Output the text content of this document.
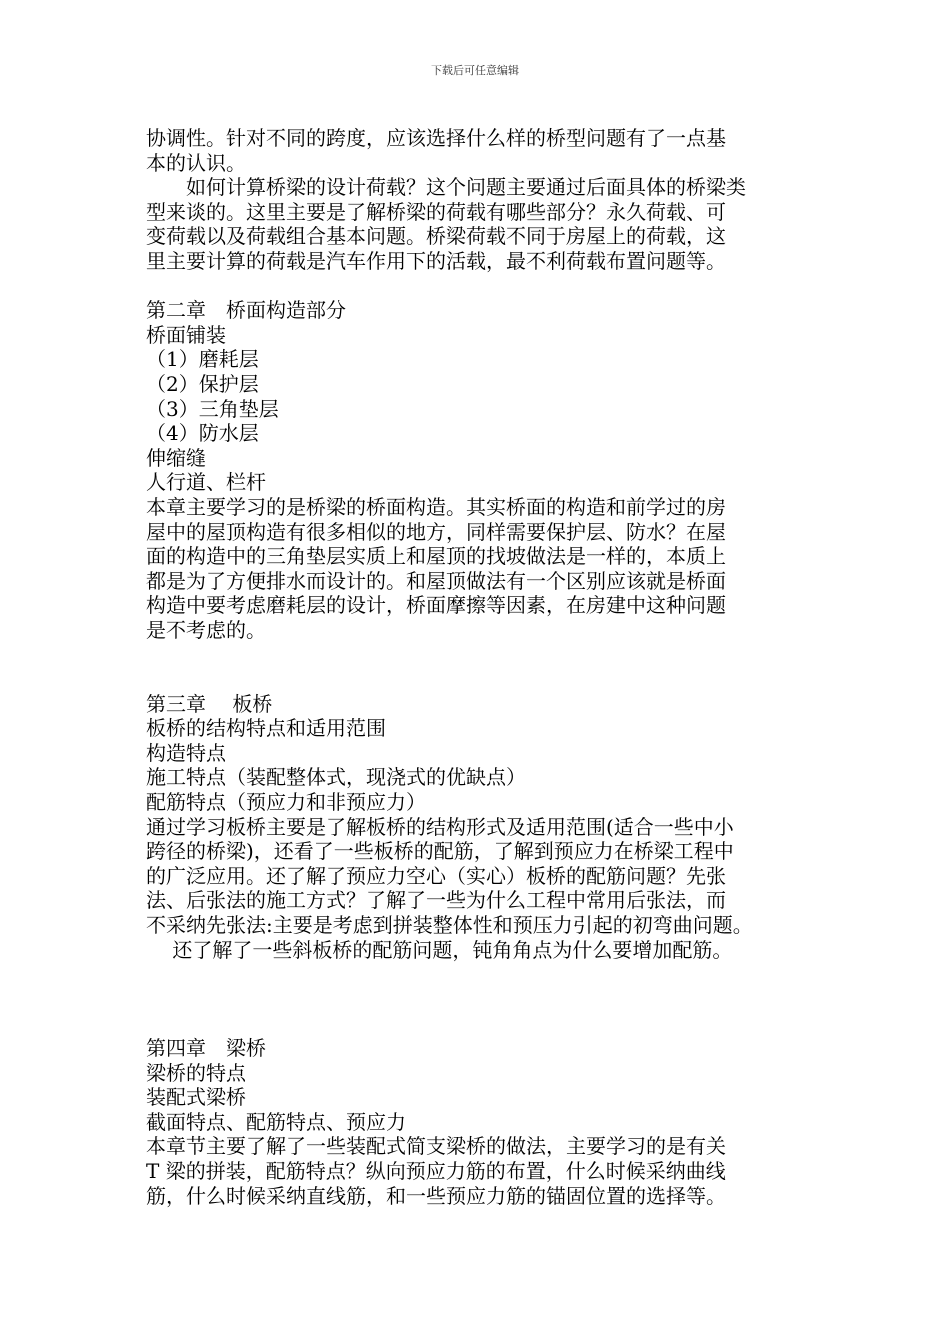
下载后可任意编辑

协调性。针对不同的跨度，应该选择什么样的桥型问题有了一点基

本的认识。

　　如何计算桥梁的设计荷载？这个问题主要通过后面具体的桥梁类

型来谈的。这里主要是了解桥梁的荷载有哪些部分？永久荷载、可

变荷载以及荷载组合基本问题。桥梁荷载不同于房屋上的荷载，这

里主要计算的荷载是汽车作用下的活载，最不利荷载布置问题等。

第二章　桥面构造部分

桥面铺装

（1）磨耗层

（2）保护层

（3）三角垫层

（4）防水层

伸缩缝

人行道、栏杆

本章主要学习的是桥梁的桥面构造。其实桥面的构造和前学过的房

屋中的屋顶构造有很多相似的地方，同样需要保护层、防水？在屋

面的构造中的三角垫层实质上和屋顶的找坡做法是一样的，本质上

都是为了方便排水而设计的。和屋顶做法有一个区别应该就是桥面

构造中要考虑磨耗层的设计，桥面摩擦等因素，在房建中这种问题

是不考虑的。

第三章　 板桥

板桥的结构特点和适用范围

构造特点

施工特点（装配整体式，现浇式的优缺点）

配筋特点（预应力和非预应力）

通过学习板桥主要是了解板桥的结构形式及适用范围(适合一些中小

跨径的桥梁)，还看了一些板桥的配筋，了解到预应力在桥梁工程中

的广泛应用。还了解了预应力空心（实心）板桥的配筋问题？先张

法、后张法的施工方式？了解了一些为什么工程中常用后张法，而

不采纳先张法:主要是考虑到拼装整体性和预压力引起的初弯曲问题。

　 还了解了一些斜板桥的配筋问题，钝角角点为什么要增加配筋。

第四章　梁桥

梁桥的特点

装配式梁桥

截面特点、配筋特点、预应力

本章节主要了解了一些装配式简支梁桥的做法，主要学习的是有关

T 梁的拼装，配筋特点？纵向预应力筋的布置，什么时候采纳曲线

筋，什么时候采纳直线筋，和一些预应力筋的锚固位置的选择等。
